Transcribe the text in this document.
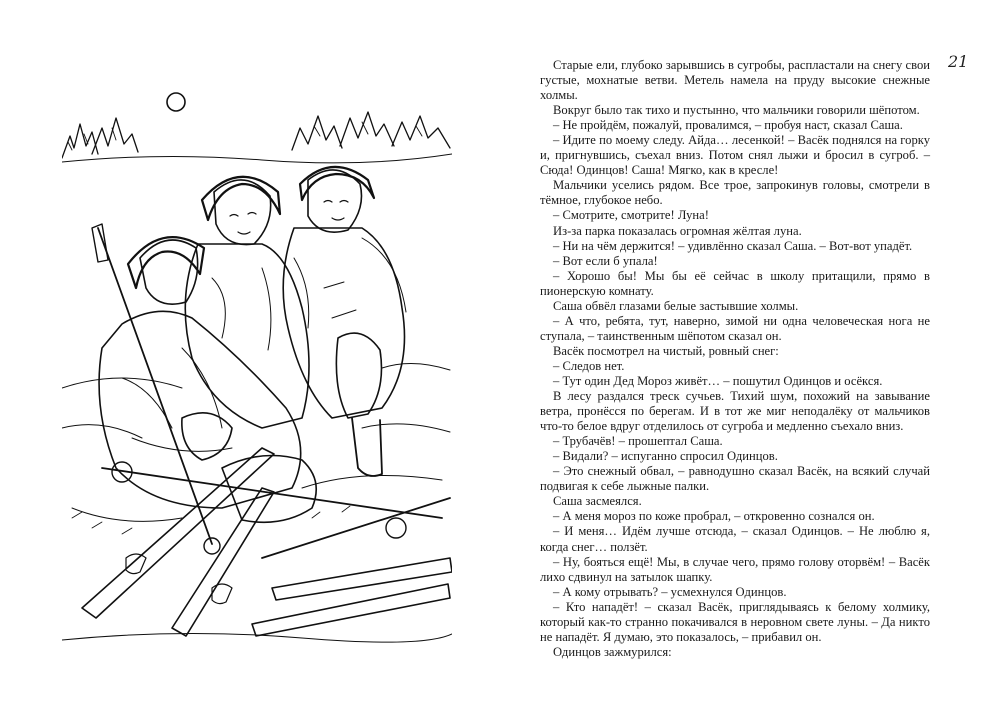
21

Старые ели, глубоко зарывшись в сугробы, распластали на снегу свои густые, мохнатые ветви. Метель намела на пруду высокие снежные холмы.

Вокруг было так тихо и пустынно, что мальчики говорили шёпотом.

– Не пройдём, пожалуй, провалимся, – пробуя наст, сказал Саша.

– Идите по моему следу. Айда… лесенкой! – Васёк поднялся на горку и, пригнувшись, съехал вниз. Потом снял лыжи и бросил в сугроб. – Сюда! Одинцов! Саша! Мягко, как в кресле!

Мальчики уселись рядом. Все трое, запрокинув головы, смотрели в тёмное, глубокое небо.

– Смотрите, смотрите! Луна!

Из-за парка показалась огромная жёлтая луна.

– Ни на чём держится! – удивлённо сказал Саша. – Вот-вот упадёт.

– Вот если б упала!

– Хорошо бы! Мы бы её сейчас в школу притащили, прямо в пионерскую комнату.

Саша обвёл глазами белые застывшие холмы.

– А что, ребята, тут, наверно, зимой ни одна человеческая нога не ступала, – таинственным шёпотом сказал он.

Васёк посмотрел на чистый, ровный снег:

– Следов нет.

– Тут один Дед Мороз живёт… – пошутил Одинцов и осёкся.

В лесу раздался треск сучьев. Тихий шум, похожий на завывание ветра, пронёсся по берегам. И в тот же миг неподалёку от мальчиков что-то белое вдруг отделилось от сугроба и медленно съехало вниз.

– Трубачёв! – прошептал Саша.

– Видали? – испуганно спросил Одинцов.

– Это снежный обвал, – равнодушно сказал Васёк, на всякий случай подвигая к себе лыжные палки.

Саша засмеялся.

– А меня мороз по коже пробрал, – откровенно сознался он.

– И меня… Идём лучше отсюда, – сказал Одинцов. – Не люблю я, когда снег… ползёт.

– Ну, бояться ещё! Мы, в случае чего, прямо голову оторвём! – Васёк лихо сдвинул на затылок шапку.

– А кому отрывать? – усмехнулся Одинцов.

– Кто нападёт! – сказал Васёк, приглядываясь к белому холмику, который как-то странно покачивался в неровном свете луны. – Да никто не нападёт. Я думаю, это показалось, – прибавил он.

Одинцов зажмурился:
